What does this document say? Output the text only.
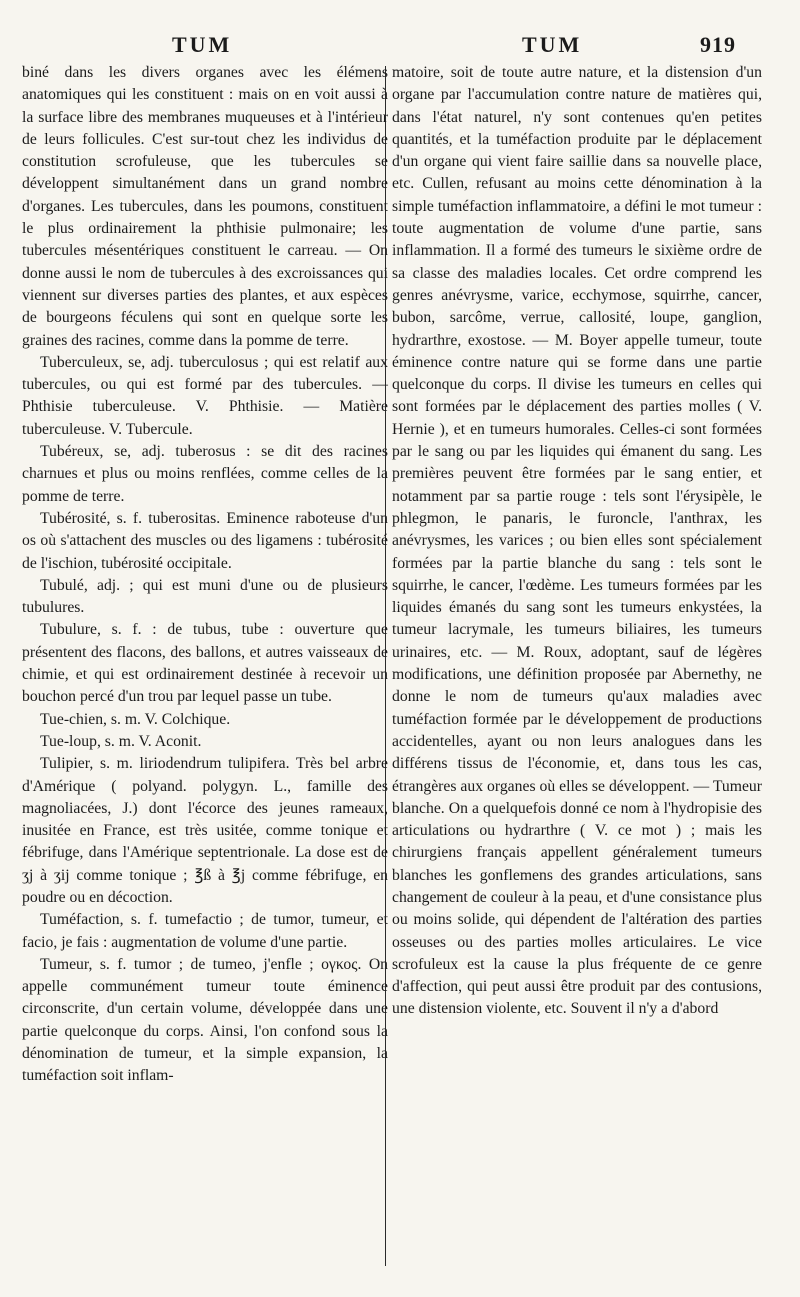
TUM	TUM	919

biné dans les divers organes avec les élémens anatomiques qui les constituent : mais on en voit aussi à la surface libre des membranes muqueuses et à l'intérieur de leurs follicules. C'est sur-tout chez les individus de constitution scrofuleuse, que les tubercules se développent simultanément dans un grand nombre d'organes. Les tubercules, dans les poumons, constituent le plus ordinairement la phthisie pulmonaire; les tubercules mésentériques constituent le carreau. — On donne aussi le nom de tubercules à des excroissances qui viennent sur diverses parties des plantes, et aux espèces de bourgeons féculens qui sont en quelque sorte les graines des racines, comme dans la pomme de terre.

Tuberculeux, se, adj. tuberculosus ; qui est relatif aux tubercules, ou qui est formé par des tubercules. — Phthisie tuberculeuse. V. Phthisie. — Matière tuberculeuse. V. Tubercule.

Tubéreux, se, adj. tuberosus : se dit des racines charnues et plus ou moins renflées, comme celles de la pomme de terre.

Tubérosité, s. f. tuberositas. Eminence raboteuse d'un os où s'attachent des muscles ou des ligamens : tubérosité de l'ischion, tubérosité occipitale.

Tubulé, adj. ; qui est muni d'une ou de plusieurs tubulures.

Tubulure, s. f. : de tubus, tube : ouverture que présentent des flacons, des ballons, et autres vaisseaux de chimie, et qui est ordinairement destinée à recevoir un bouchon percé d'un trou par lequel passe un tube.

Tue-chien, s. m. V. Colchique.

Tue-loup, s. m. V. Aconit.

Tulipier, s. m. liriodendrum tulipifera. Très bel arbre d'Amérique ( polyand. polygyn. L., famille des magnoliacées, J.) dont l'écorce des jeunes rameaux, inusitée en France, est très usitée, comme tonique et fébrifuge, dans l'Amérique septentrionale. La dose est de ʒj à ʒij comme tonique ; ℥ß à ℥j comme fébrifuge, en poudre ou en décoction.

Tuméfaction, s. f. tumefactio ; de tumor, tumeur, et facio, je fais : augmentation de volume d'une partie.

Tumeur, s. f. tumor ; de tumeo, j'enfle ; ογκος. On appelle communément tumeur toute éminence circonscrite, d'un certain volume, développée dans une partie quelconque du corps. Ainsi, l'on confond sous la dénomination de tumeur, et la simple expansion, la tuméfaction soit inflam-

matoire, soit de toute autre nature, et la distension d'un organe par l'accumulation contre nature de matières qui, dans l'état naturel, n'y sont contenues qu'en petites quantités, et la tuméfaction produite par le déplacement d'un organe qui vient faire saillie dans sa nouvelle place, etc. Cullen, refusant au moins cette dénomination à la simple tuméfaction inflammatoire, a défini le mot tumeur : toute augmentation de volume d'une partie, sans inflammation. Il a formé des tumeurs le sixième ordre de sa classe des maladies locales. Cet ordre comprend les genres anévrysme, varice, ecchymose, squirrhe, cancer, bubon, sarcôme, verrue, callosité, loupe, ganglion, hydrarthre, exostose. — M. Boyer appelle tumeur, toute éminence contre nature qui se forme dans une partie quelconque du corps. Il divise les tumeurs en celles qui sont formées par le déplacement des parties molles ( V. Hernie ), et en tumeurs humorales. Celles-ci sont formées par le sang ou par les liquides qui émanent du sang. Les premières peuvent être formées par le sang entier, et notamment par sa partie rouge : tels sont l'érysipèle, le phlegmon, le panaris, le furoncle, l'anthrax, les anévrysmes, les varices ; ou bien elles sont spécialement formées par la partie blanche du sang : tels sont le squirrhe, le cancer, l'œdème. Les tumeurs formées par les liquides émanés du sang sont les tumeurs enkystées, la tumeur lacrymale, les tumeurs biliaires, les tumeurs urinaires, etc. — M. Roux, adoptant, sauf de légères modifications, une définition proposée par Abernethy, ne donne le nom de tumeurs qu'aux maladies avec tuméfaction formée par le développement de productions accidentelles, ayant ou non leurs analogues dans les différens tissus de l'économie, et, dans tous les cas, étrangères aux organes où elles se développent. — Tumeur blanche. On a quelquefois donné ce nom à l'hydropisie des articulations ou hydrarthre ( V. ce mot ) ; mais les chirurgiens français appellent généralement tumeurs blanches les gonflemens des grandes articulations, sans changement de couleur à la peau, et d'une consistance plus ou moins solide, qui dépendent de l'altération des parties osseuses ou des parties molles articulaires. Le vice scrofuleux est la cause la plus fréquente de ce genre d'affection, qui peut aussi être produit par des contusions, une distension violente, etc. Souvent il n'y a d'abord
